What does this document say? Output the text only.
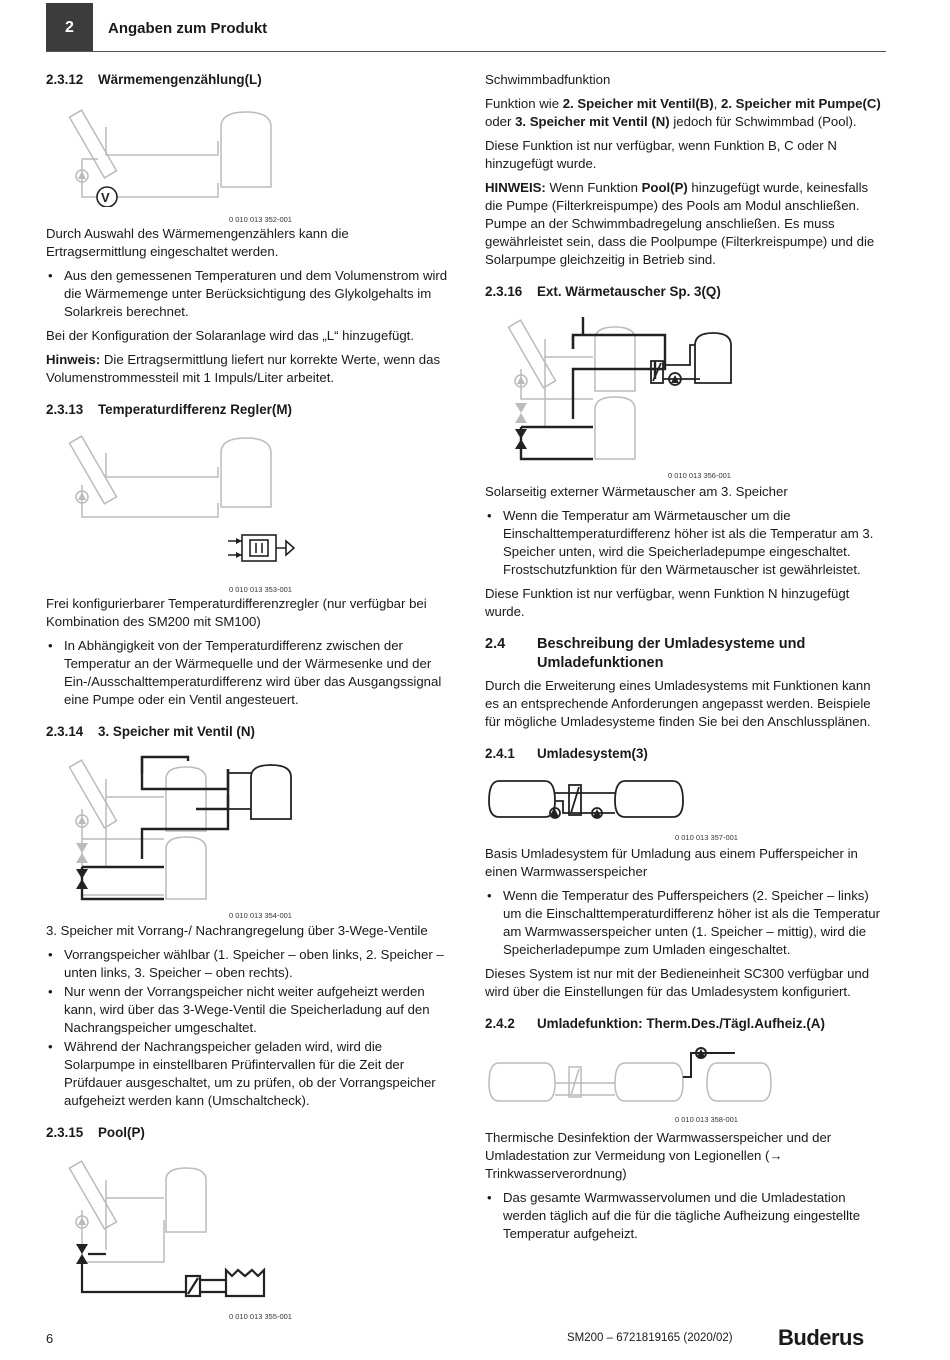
2	Angaben zum Produkt
2.3.12 Wärmemengenzählung(L)
V
0 010 013 352-001

Durch Auswahl des Wärmemengenzählers kann die Ertragsermittlung eingeschaltet werden.

• Aus den gemessenen Temperaturen und dem Volumenstrom wird die Wärmemenge unter Berücksichtigung des Glykolgehalts im Solarkreis berechnet.

Bei der Konfiguration der Solaranlage wird das „L“ hinzugefügt.

Hinweis: Die Ertragsermittlung liefert nur korrekte Werte, wenn das Volumenstrommessteil mit 1 Impuls/Liter arbeitet.

2.3.13 Temperaturdifferenz Regler(M)
0 010 013 353-001

Frei konfigurierbarer Temperaturdifferenzregler (nur verfügbar bei Kombination des SM200 mit SM100)

• In Abhängigkeit von der Temperaturdifferenz zwischen der Temperatur an der Wärmequelle und der Wärmesenke und der Ein-/Ausschalttemperaturdifferenz wird über das Ausgangssignal eine Pumpe oder ein Ventil angesteuert.
2.3.14 3. Speicher mit Ventil (N)
0 010 013 354-001

3. Speicher mit Vorrang-/ Nachrangregelung über 3-Wege-Ventile

• Vorrangspeicher wählbar (1. Speicher – oben links, 2. Speicher – unten links, 3. Speicher – oben rechts).
• Nur wenn der Vorrangspeicher nicht weiter aufgeheizt werden kann, wird über das 3-Wege-Ventil die Speicherladung auf den Nachrangspeicher umgeschaltet.
• Während der Nachrangspeicher geladen wird, wird die Solarpumpe in einstellbaren Prüfintervallen für die Zeit der Prüfdauer ausgeschaltet, um zu prüfen, ob der Vorrangspeicher aufgeheizt werden kann (Umschaltcheck).
2.3.15 Pool(P)
0 010 013 355-001

Schwimmbadfunktion

Funktion wie 2. Speicher mit Ventil(B), 2. Speicher mit Pumpe(C) oder 3. Speicher mit Ventil (N) jedoch für Schwimmbad (Pool).

Diese Funktion ist nur verfügbar, wenn Funktion B, C oder N hinzugefügt wurde.

HINWEIS: Wenn Funktion Pool(P) hinzugefügt wurde, keinesfalls die Pumpe (Filterkreispumpe) des Pools am Modul anschließen. Pumpe an der Schwimmbadregelung anschließen. Es muss gewährleistet sein, dass die Poolpumpe (Filterkreispumpe) und die Solarpumpe gleichzeitig in Betrieb sind.

2.3.16 Ext. Wärmetauscher Sp. 3(Q)
0 010 013 356-001

Solarseitig externer Wärmetauscher am 3. Speicher

• Wenn die Temperatur am Wärmetauscher um die Einschalttemperaturdifferenz höher ist als die Temperatur am 3. Speicher unten, wird die Speicherladepumpe eingeschaltet. Frostschutzfunktion für den Wärmetauscher ist gewährleistet.

Diese Funktion ist nur verfügbar, wenn Funktion N hinzugefügt wurde.

2.4	Beschreibung der Umladesysteme und Umladefunktionen

Durch die Erweiterung eines Umladesystems mit Funktionen kann es an entsprechende Anforderungen angepasst werden. Beispiele für mögliche Umladesysteme finden Sie bei den Anschlussplänen.

2.4.1 Umladesystem(3)
0 010 013 357-001

Basis Umladesystem für Umladung aus einem Pufferspeicher in einen Warmwasserspeicher

• Wenn die Temperatur des Pufferspeichers (2. Speicher – links) um die Einschalttemperaturdifferenz höher ist als die Temperatur am Warmwasserspeicher unten (1. Speicher – mittig), wird die Speicherladepumpe zum Umladen eingeschaltet.

Dieses System ist nur mit der Bedieneinheit SC300 verfügbar und wird über die Einstellungen für das Umladesystem konfiguriert.

2.4.2 Umladefunktion: Therm.Des./Tägl.Aufheiz.(A)
0 010 013 358-001

Thermische Desinfektion der Warmwasserspeicher und der Umladestation zur Vermeidung von Legionellen (→ Trinkwasserverordnung)

• Das gesamte Warmwasservolumen und die Umladestation werden täglich auf die für die tägliche Aufheizung eingestellte Temperatur aufgeheizt.
6	SM200 – 6721819165 (2020/02) Buderus
